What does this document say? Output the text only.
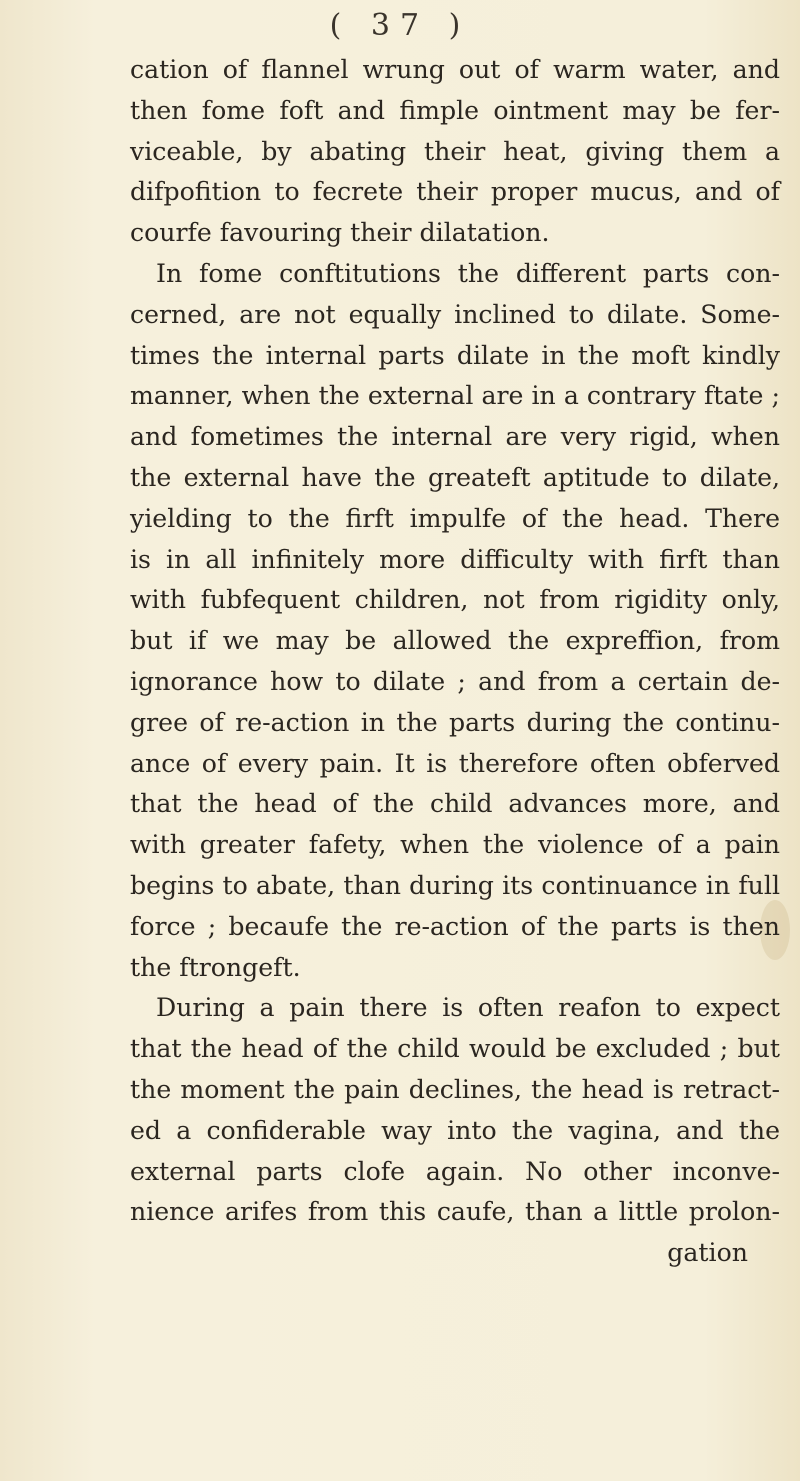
( 37 )
cation of flannel wrung out of warm water, and
then fome foft and fimple ointment may be fer-
viceable, by abating their heat, giving them a
difpofition to fecrete their proper mucus, and of
courfe favouring their dilatation.
In fome conftitutions the different parts con-
cerned, are not equally inclined to dilate. Some-
times the internal parts dilate in the moft kindly
manner, when the external are in a contrary ftate ;
and fometimes the internal are very rigid, when
the external have the greateft aptitude to dilate,
yielding to the firft impulfe of the head. There
is in all infinitely more difficulty with firft than
with fubfequent children, not from rigidity only,
but if we may be allowed the expreffion, from
ignorance how to dilate ; and from a certain de-
gree of re-action in the parts during the continu-
ance of every pain. It is therefore often obferved
that the head of the child advances more, and
with greater fafety, when the violence of a pain
begins to abate, than during its continuance in full
force ; becaufe the re-action of the parts is then
the ftrongeft.
During a pain there is often reafon to expect
that the head of the child would be excluded ; but
the moment the pain declines, the head is retract-
ed a confiderable way into the vagina, and the
external parts clofe again. No other inconve-
nience arifes from this caufe, than a little prolon-
gation
